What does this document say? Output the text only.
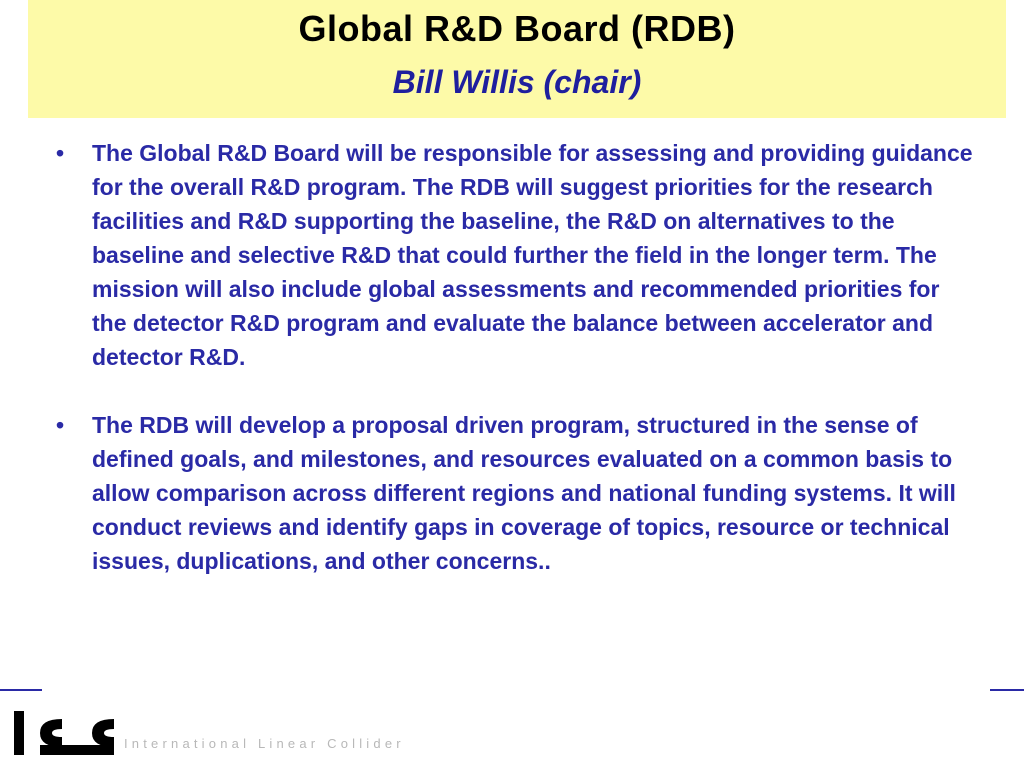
Global R&D Board (RDB)
Bill Willis (chair)
• The Global R&D Board will be responsible for assessing and providing guidance for the overall R&D program. The RDB will suggest priorities for the research facilities and R&D supporting the baseline, the R&D on alternatives to the baseline and selective R&D that could further the field in the longer term. The mission will also include global assessments and recommended priorities for the detector R&D program and evaluate the balance between accelerator and detector R&D.
• The RDB will develop a proposal driven program, structured in the sense of defined goals, and milestones, and resources evaluated on a common basis to allow comparison across different regions and national funding systems. It will conduct reviews and identify gaps in coverage of topics, resource or technical issues, duplications, and other concerns..
International Linear Collider
